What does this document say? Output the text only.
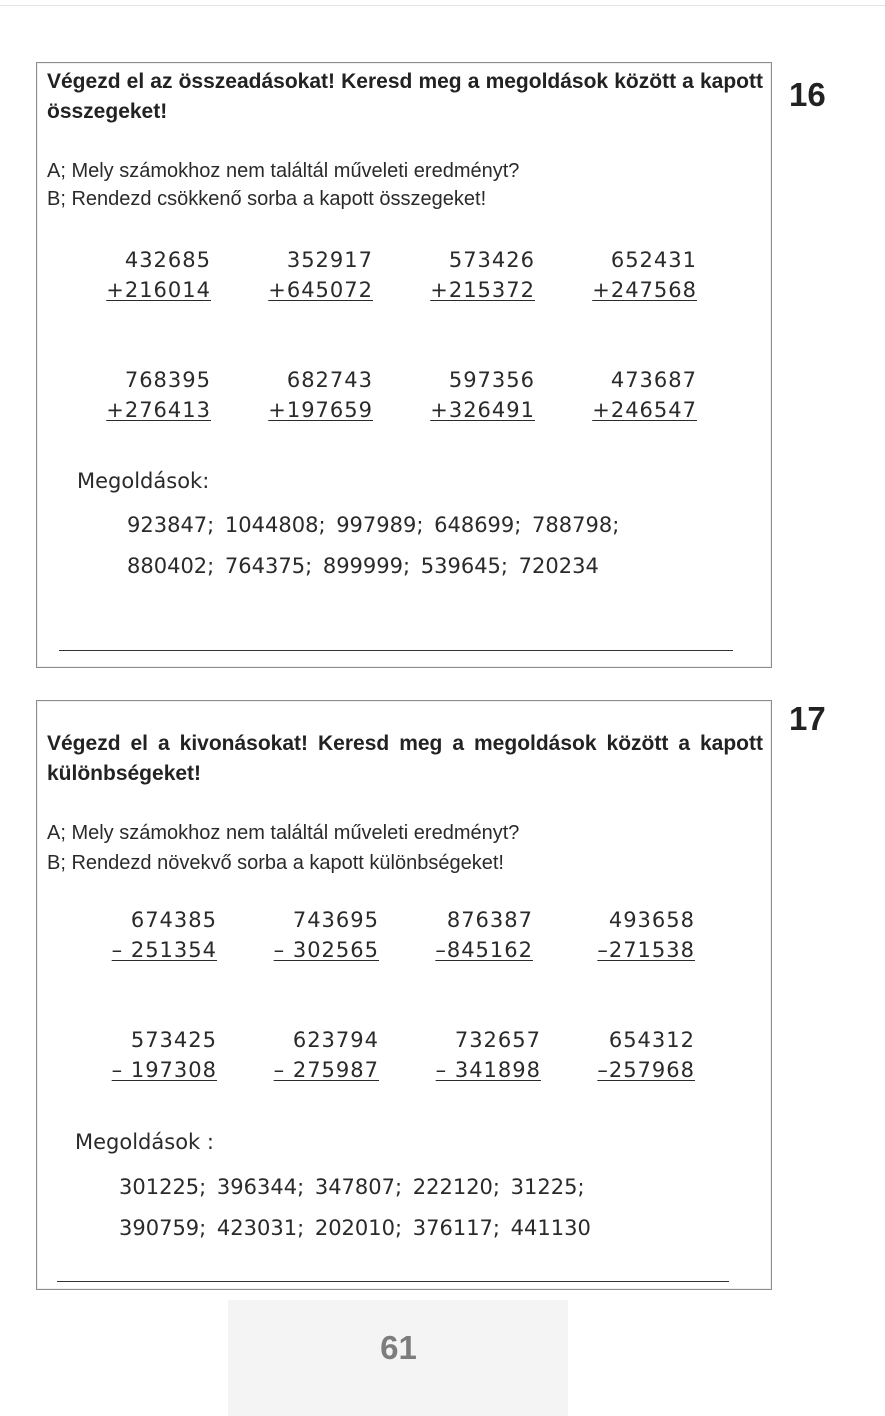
16
Végezd el az összeadásokat! Keresd meg a megoldások között a kapott összegeket!
A; Mely számokhoz nem találtál műveleti eredményt?
B; Rendezd csökkenő sorba a kapott összegeket!
432685
+216014
352917
+645072
573426
+215372
652431
+247568
768395
+276413
682743
+197659
597356
+326491
473687
+246547
Megoldások:
923847; 1044808; 997989; 648699; 788798;
880402; 764375; 899999; 539645; 720234
17
Végezd el a kivonásokat! Keresd meg a megoldások között a kapott különbségeket!
A; Mely számokhoz nem találtál műveleti eredményt?
B; Rendezd növekvő sorba a kapott különbségeket!
674385
– 251354
743695
– 302565
876387
–845162
493658
–271538
573425
– 197308
623794
– 275987
732657
– 341898
654312
–257968
Megoldások :
301225; 396344; 347807; 222120; 31225;
390759; 423031; 202010; 376117; 441130
61
